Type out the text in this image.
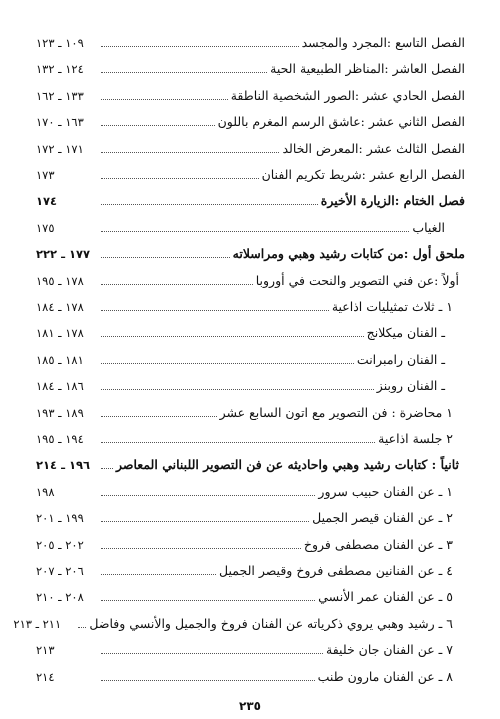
الفصل التاسع :المجرد والمجسد
١٠٩ ـ ١٢٣
الفصل العاشر :المناظر الطبيعية الحية
١٢٤ ـ ١٣٢
الفصل الحادي عشر :الصور الشخصية الناطقة
١٣٣ ـ ١٦٢
الفصل الثاني عشر :عاشق الرسم المغرم باللون
١٦٣ ـ ١٧٠
الفصل الثالث عشر :المعرض الخالد
١٧١ ـ ١٧٢
الفصل الرابع عشر :شريط تكريم الفنان
١٧٣
فصل الختام :الزيارة الأخيرة
١٧٤
الغياب
١٧٥
ملحق أول :من كتابات رشيد وهبي ومراسلاته
١٧٧ ـ ٢٢٢
أولاً :عن فني التصوير والنحت في أوروبا
١٧٨ ـ ١٩٥
١ ـ ثلاث تمثيليات اذاعية
١٧٨ ـ ١٨٤
ـ الفنان ميكلانج
١٧٨ ـ ١٨١
ـ الفنان رامبرانت
١٨١ ـ ١٨٥
ـ الفنان روبنز
١٨٦ ـ ١٨٤
١ محاضرة : فن التصوير مع اتون السابع عشر
١٨٩ ـ ١٩٣
٢ جلسة اذاعية
١٩٤ ـ ١٩٥
ثانياً : كتابات رشيد وهبي واحاديثه عن فن التصوير اللبناني المعاصر
١٩٦ ـ ٢١٤
١ ـ عن الفنان حبيب سرور
١٩٨
٢ ـ عن الفنان قيصر الجميل
١٩٩ ـ ٢٠١
٣ ـ عن الفنان مصطفى فروخ
٢٠٢ ـ ٢٠٥
٤ ـ عن الفنانين مصطفى فروخ وقيصر الجميل
٢٠٦ ـ ٢٠٧
٥ ـ عن الفنان عمر الأنسي
٢٠٨ ـ ٢١٠
٦ ـ رشيد وهبي يروي ذكرياته عن الفنان فروخ والجميل والأنسي وفاضل
٢١١ ـ ٢١٣
٧ ـ عن الفنان جان خليفة
٢١٣
٨ ـ عن الفنان مارون طنب
٢١٤
٢٣٥
